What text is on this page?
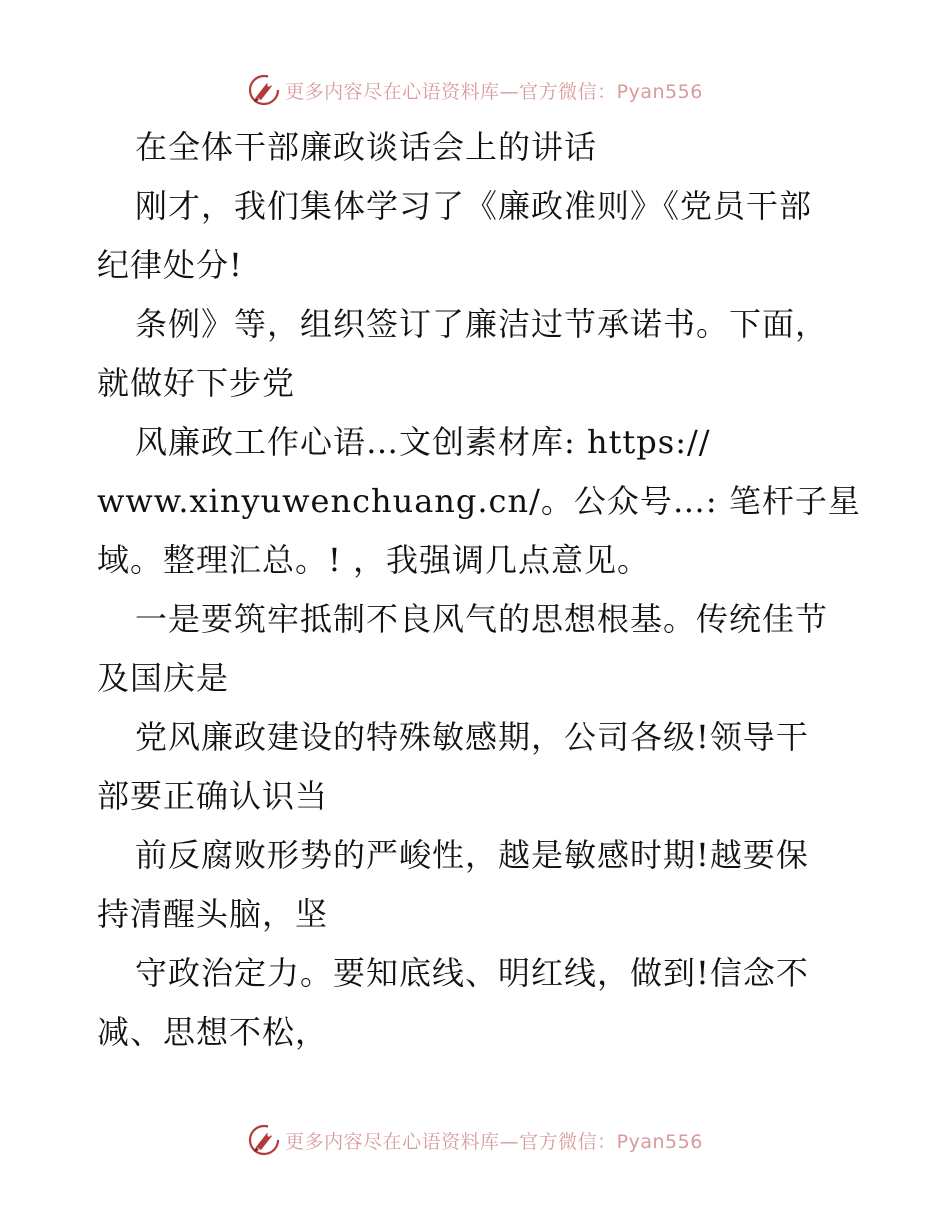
更多内容尽在心语资料库—官方微信：Pyan556
在全体干部廉政谈话会上的讲话
刚才，我们集体学习了《廉政准则》《党员干部
纪律处分!
条例》等，组织签订了廉洁过节承诺书。下面，
就做好下步党
风廉政工作心语…文创素材库: https://
www.xinyuwenchuang.cn/。公众号…: 笔杆子星
域。整理汇总。! ，我强调几点意见。
一是要筑牢抵制不良风气的思想根基。传统佳节
及国庆是
党风廉政建设的特殊敏感期，公司各级!领导干
部要正确认识当
前反腐败形势的严峻性，越是敏感时期!越要保
持清醒头脑，坚
守政治定力。要知底线、明红线，做到!信念不
减、思想不松，
更多内容尽在心语资料库—官方微信：Pyan556
